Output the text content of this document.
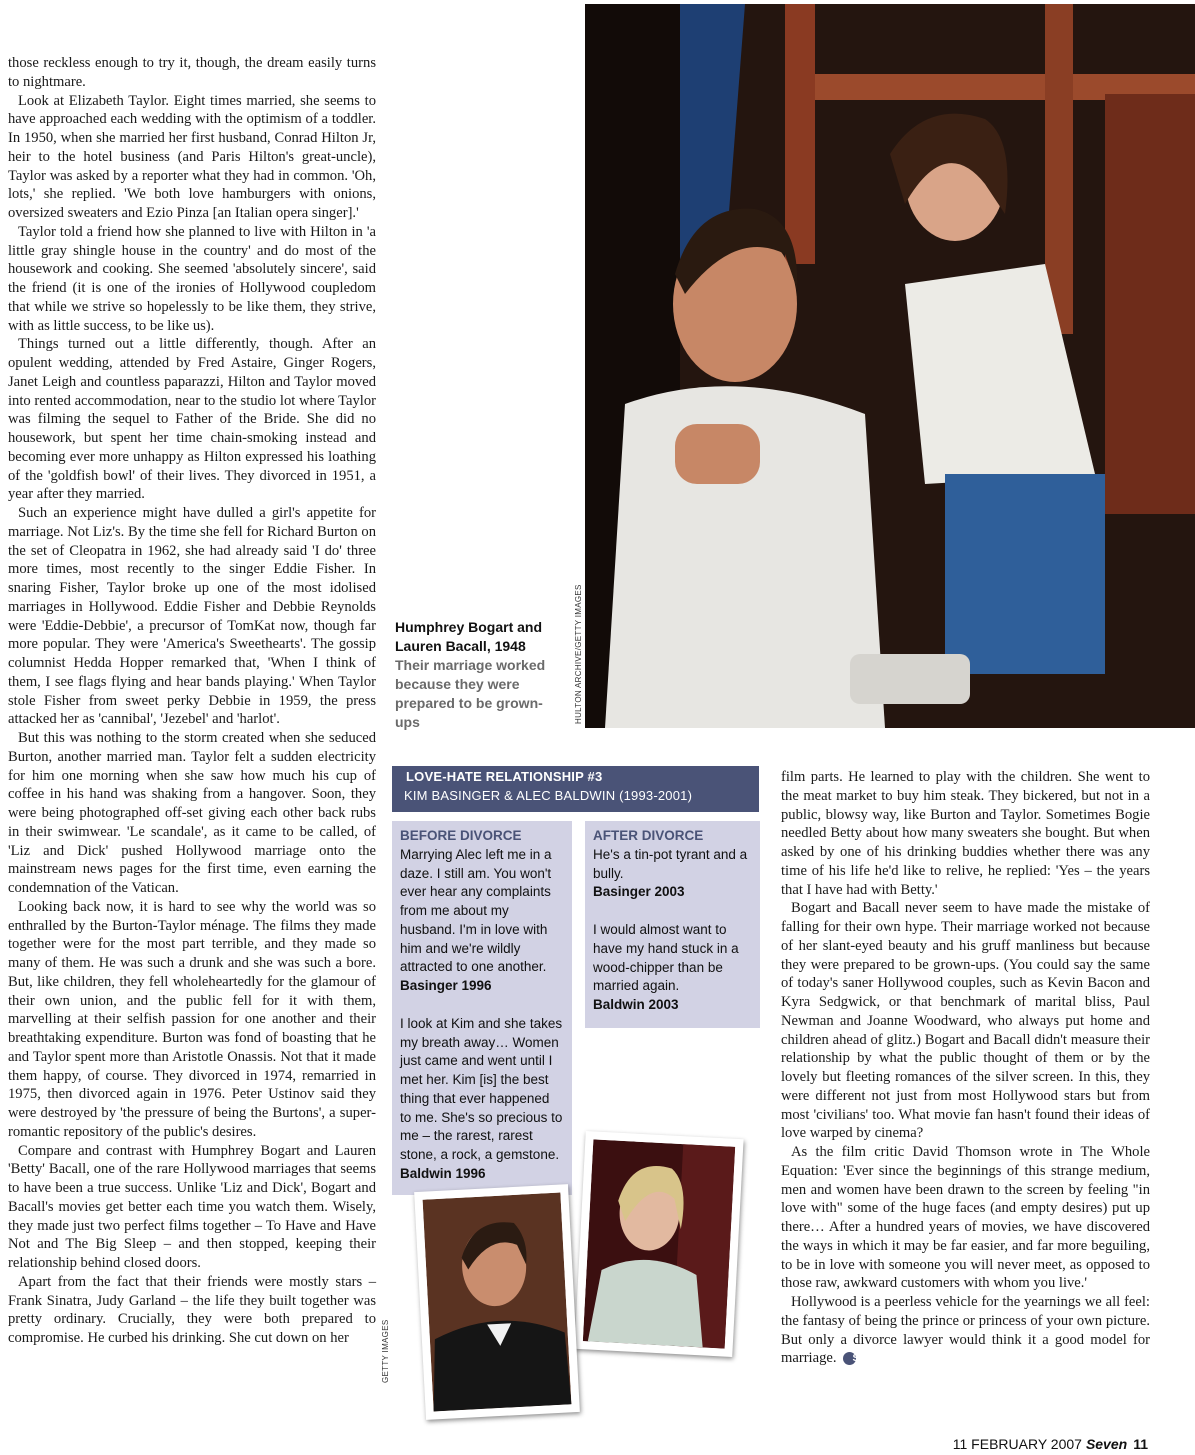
those reckless enough to try it, though, the dream easily turns to nightmare.

Look at Elizabeth Taylor. Eight times married, she seems to have approached each wedding with the optimism of a toddler. In 1950, when she married her first husband, Conrad Hilton Jr, heir to the hotel business (and Paris Hilton's great-uncle), Taylor was asked by a reporter what they had in common. 'Oh, lots,' she replied. 'We both love hamburgers with onions, oversized sweaters and Ezio Pinza [an Italian opera singer].'

Taylor told a friend how she planned to live with Hilton in 'a little gray shingle house in the country' and do most of the housework and cooking. She seemed 'absolutely sincere', said the friend (it is one of the ironies of Hollywood coupledom that while we strive so hopelessly to be like them, they strive, with as little success, to be like us).

Things turned out a little differently, though. After an opulent wedding, attended by Fred Astaire, Ginger Rogers, Janet Leigh and countless paparazzi, Hilton and Taylor moved into rented accommodation, near to the studio lot where Taylor was filming the sequel to Father of the Bride. She did no housework, but spent her time chain-smoking instead and becoming ever more unhappy as Hilton expressed his loathing of the 'goldfish bowl' of their lives. They divorced in 1951, a year after they married.

Such an experience might have dulled a girl's appetite for marriage. Not Liz's. By the time she fell for Richard Burton on the set of Cleopatra in 1962, she had already said 'I do' three more times, most recently to the singer Eddie Fisher. In snaring Fisher, Taylor broke up one of the most idolised marriages in Hollywood. Eddie Fisher and Debbie Reynolds were 'Eddie-Debbie', a precursor of TomKat now, though far more popular. They were 'America's Sweethearts'. The gossip columnist Hedda Hopper remarked that, 'When I think of them, I see flags flying and hear bands playing.' When Taylor stole Fisher from sweet perky Debbie in 1959, the press attacked her as 'cannibal', 'Jezebel' and 'harlot'.

But this was nothing to the storm created when she seduced Burton, another married man. Taylor felt a sudden electricity for him one morning when she saw how much his cup of coffee in his hand was shaking from a hangover. Soon, they were being photographed off-set giving each other back rubs in their swimwear. 'Le scandale', as it came to be called, of 'Liz and Dick' pushed Hollywood marriage onto the mainstream news pages for the first time, even earning the condemnation of the Vatican.

Looking back now, it is hard to see why the world was so enthralled by the Burton-Taylor ménage. The films they made together were for the most part terrible, and they made so many of them. He was such a drunk and she was such a bore. But, like children, they fell wholeheartedly for the glamour of their own union, and the public fell for it with them, marvelling at their selfish passion for one another and their breathtaking expenditure. Burton was fond of boasting that he and Taylor spent more than Aristotle Onassis. Not that it made them happy, of course. They divorced in 1974, remarried in 1975, then divorced again in 1976. Peter Ustinov said they were destroyed by 'the pressure of being the Burtons', a super-romantic repository of the public's desires.

Compare and contrast with Humphrey Bogart and Lauren 'Betty' Bacall, one of the rare Hollywood marriages that seems to have been a true success. Unlike 'Liz and Dick', Bogart and Bacall's movies get better each time you watch them. Wisely, they made just two perfect films together – To Have and Have Not and The Big Sleep – and then stopped, keeping their relationship behind closed doors.

Apart from the fact that their friends were mostly stars – Frank Sinatra, Judy Garland – the life they built together was pretty ordinary. Crucially, they were both prepared to compromise. He curbed his drinking. She cut down on her

HULTON ARCHIVE/GETTY IMAGES
Humphrey Bogart and Lauren Bacall, 1948
Their marriage worked because they were prepared to be grown-ups
LOVE-HATE RELATIONSHIP #3
KIM BASINGER & ALEC BALDWIN (1993-2001)
BEFORE DIVORCE

Marrying Alec left me in a daze. I still am. You won't ever hear any complaints from me about my husband. I'm in love with him and we're wildly attracted to one another.

Basinger 1996

I look at Kim and she takes my breath away… Women just came and went until I met her. Kim [is] the best thing that ever happened to me. She's so precious to me – the rarest, rarest stone, a rock, a gemstone.

Baldwin 1996

AFTER DIVORCE

He's a tin-pot tyrant and a bully.

Basinger 2003

I would almost want to have my hand stuck in a wood-chipper than be married again.

Baldwin 2003

GETTY IMAGES

film parts. He learned to play with the children. She went to the meat market to buy him steak. They bickered, but not in a public, blowsy way, like Burton and Taylor. Sometimes Bogie needled Betty about how many sweaters she bought. But when asked by one of his drinking buddies whether there was any time of his life he'd like to relive, he replied: 'Yes – the years that I have had with Betty.'

Bogart and Bacall never seem to have made the mistake of falling for their own hype. Their marriage worked not because of her slant-eyed beauty and his gruff manliness but because they were prepared to be grown-ups. (You could say the same of today's saner Hollywood couples, such as Kevin Bacon and Kyra Sedgwick, or that benchmark of marital bliss, Paul Newman and Joanne Woodward, who always put home and children ahead of glitz.) Bogart and Bacall didn't measure their relationship by what the public thought of them or by the lovely but fleeting romances of the silver screen. In this, they were different not just from most Hollywood stars but from most 'civilians' too. What movie fan hasn't found their ideas of love warped by cinema?

As the film critic David Thomson wrote in The Whole Equation: 'Ever since the beginnings of this strange medium, men and women have been drawn to the screen by feeling "in love with" some of the huge faces (and empty desires) put up there… After a hundred years of movies, we have discovered the ways in which it may be far easier, and far more beguiling, to be in love with someone you will never meet, as opposed to those raw, awkward customers with whom you live.'

Hollywood is a peerless vehicle for the yearnings we all feel: the fantasy of being the prince or princess of your own picture. But only a divorce lawyer would think it a good model for marriage. S

11 FEBRUARY 2007 Seven 11
